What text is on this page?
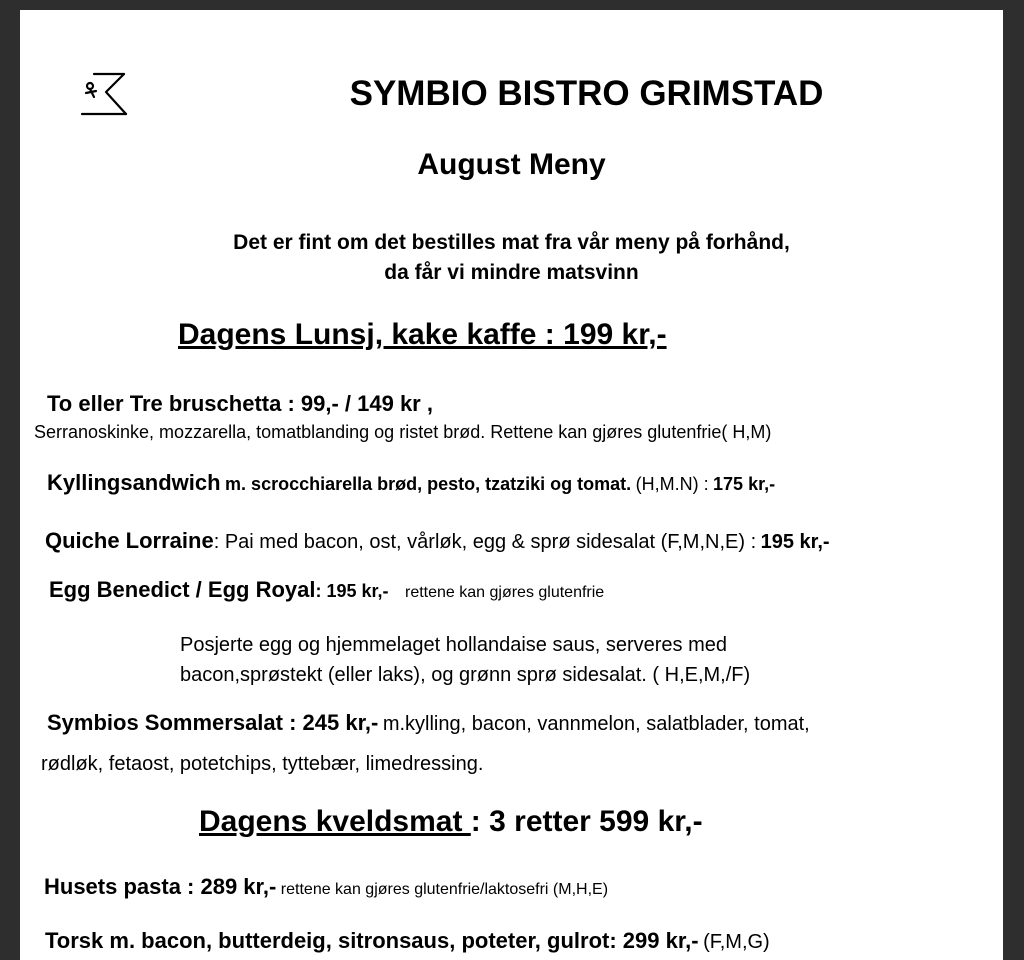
SYMBIO BISTRO GRIMSTAD
August Meny
Det er fint om det bestilles mat fra vår meny på forhånd,
da får vi mindre matsvinn
Dagens Lunsj, kake kaffe : 199 kr,-
To eller Tre bruschetta : 99,- / 149 kr ,
Serranoskinke, mozzarella, tomatblanding og ristet brød. Rettene kan gjøres glutenfrie( H,M)
Kyllingsandwich m. scrocchiarella brød, pesto, tzatziki og tomat. (H,M.N) : 175 kr,-
Quiche Lorraine: Pai med bacon, ost, vårløk, egg & sprø sidesalat (F,M,N,E) : 195 kr,-
Egg Benedict / Egg Royal: 195 kr,- rettene kan gjøres glutenfrie
Posjerte egg og hjemmelaget hollandaise saus, serveres med
bacon,sprøstekt (eller laks), og grønn sprø sidesalat. ( H,E,M,/F)
Symbios Sommersalat : 245 kr,- m.kylling, bacon, vannmelon, salatblader, tomat,
rødløk, fetaost, potetchips, tyttebær, limedressing.
Dagens kveldsmat : 3 retter 599 kr,-
Husets pasta : 289 kr,- rettene kan gjøres glutenfrie/laktosefri (M,H,E)
Torsk m. bacon, butterdeig, sitronsaus, poteter, gulrot: 299 kr,- (F,M,G)
